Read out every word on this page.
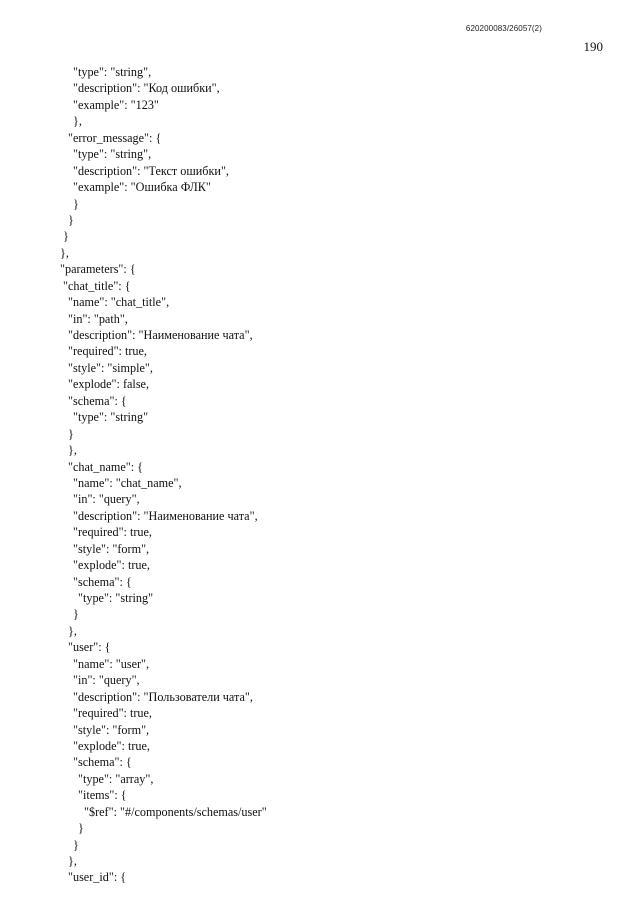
620200083/26057(2)
190
"type": "string",
"description": "Код ошибки",
"example": "123"
},
"error_message": {
"type": "string",
"description": "Текст ошибки",
"example": "Ошибка ФЛК"
}
}
}
},
"parameters": {
"chat_title": {
"name": "chat_title",
"in": "path",
"description": "Наименование чата",
"required": true,
"style": "simple",
"explode": false,
"schema": {
"type": "string"
}
},
"chat_name": {
"name": "chat_name",
"in": "query",
"description": "Наименование чата",
"required": true,
"style": "form",
"explode": true,
"schema": {
"type": "string"
}
},
"user": {
"name": "user",
"in": "query",
"description": "Пользователи чата",
"required": true,
"style": "form",
"explode": true,
"schema": {
"type": "array",
"items": {
"$ref": "#/components/schemas/user"
}
}
},
"user_id": {
